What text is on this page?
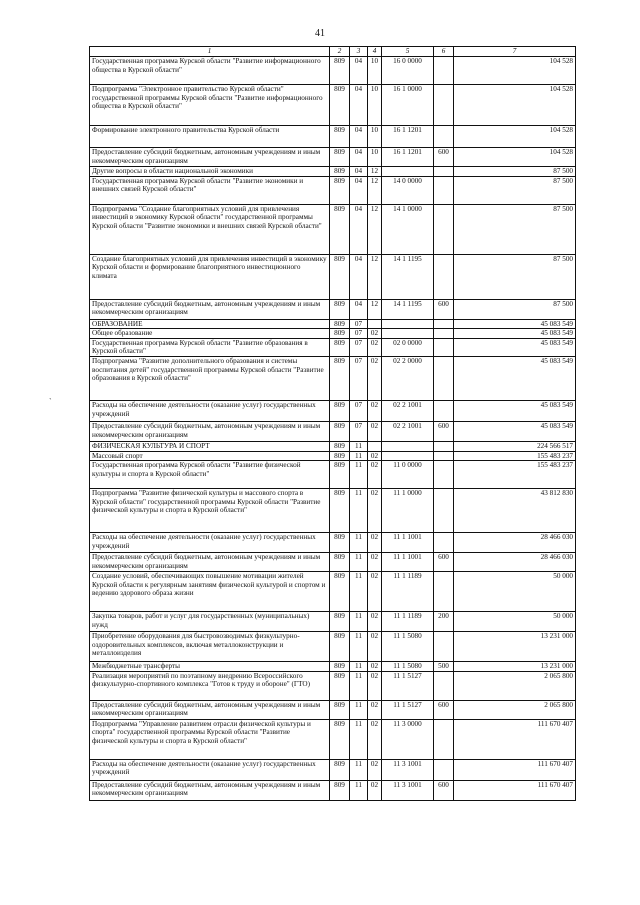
41
`
1	2	3	4	5	6	7
Государственная программа Курской области "Развитие информационного общества в Курской области"	809	04	10	16 0 0000		104 528
Подпрограмма "Электронное правительство Курской области" государственной программы Курской области "Развитие информационного общества в Курской области"	809	04	10	16 1 0000		104 528
Формирование электронного правительства Курской области	809	04	10	16 1 1201		104 528
Предоставление субсидий бюджетным, автономным учреждениям и иным некоммерческим организациям	809	04	10	16 1 1201	600	104 528
Другие вопросы в области национальной экономики	809	04	12			87 500
Государственная программа Курской области "Развитие экономики и внешних связей Курской области"	809	04	12	14 0 0000		87 500
Подпрограмма "Создание благоприятных условий для привлечения инвестиций в экономику Курской области" государственной программы Курской области "Развитие экономики и внешних связей Курской области"	809	04	12	14 1 0000		87 500
Создание благоприятных условий для привлечения инвестиций в экономику Курской области и формирование благоприятного инвестиционного климата	809	04	12	14 1 1195		87 500
Предоставление субсидий бюджетным, автономным учреждениям и иным некоммерческим организациям	809	04	12	14 1 1195	600	87 500
ОБРАЗОВАНИЕ	809	07				45 083 549
Общее образование	809	07	02			45 083 549
Государственная программа Курской области "Развитие образования в Курской области"	809	07	02	02 0 0000		45 083 549
Подпрограмма "Развитие дополнительного образования и системы воспитания детей" государственной программы Курской области "Развитие образования в Курской области"	809	07	02	02 2 0000		45 083 549
Расходы на обеспечение деятельности (оказание услуг) государственных учреждений	809	07	02	02 2 1001		45 083 549
Предоставление субсидий бюджетным, автономным учреждениям и иным некоммерческим организациям	809	07	02	02 2 1001	600	45 083 549
ФИЗИЧЕСКАЯ КУЛЬТУРА И СПОРТ	809	11				224 566 517
Массовый спорт	809	11	02			155 483 237
Государственная программа Курской области "Развитие физической культуры и спорта в Курской области"	809	11	02	11 0 0000		155 483 237
Подпрограмма "Развитие физической культуры и массового спорта в Курской области" государственной программы Курской области "Развитие физической культуры и спорта в Курской области"	809	11	02	11 1 0000		43 812 830
Расходы на обеспечение деятельности (оказание услуг) государственных учреждений	809	11	02	11 1 1001		28 466 030
Предоставление субсидий бюджетным, автономным учреждениям и иным некоммерческим организациям	809	11	02	11 1 1001	600	28 466 030
Создание условий, обеспечивающих повышение мотивации жителей Курской области к регулярным занятиям физической культурой и спортом и ведению здорового образа жизни	809	11	02	11 1 1189		50 000
Закупка товаров, работ и услуг для государственных (муниципальных) нужд	809	11	02	11 1 1189	200	50 000
Приобретение оборудования для быстровозводимых физкультурно-оздоровительных комплексов, включая металлоконструкции и металлоизделия	809	11	02	11 1 5080		13 231 000
Межбюджетные трансферты	809	11	02	11 1 5080	500	13 231 000
Реализация мероприятий по поэтапному внедрению Всероссийского физкультурно-спортивного комплекса "Готов к труду и обороне" (ГТО)	809	11	02	11 1 5127		2 065 800
Предоставление субсидий бюджетным, автономным учреждениям и иным некоммерческим организациям	809	11	02	11 1 5127	600	2 065 800
Подпрограмма "Управление развитием отрасли физической культуры и спорта" государственной программы Курской области "Развитие физической культуры и спорта в Курской области"	809	11	02	11 3 0000		111 670 407
Расходы на обеспечение деятельности (оказание услуг) государственных учреждений	809	11	02	11 3 1001		111 670 407
Предоставление субсидий бюджетным, автономным учреждениям и иным некоммерческим организациям	809	11	02	11 3 1001	600	111 670 407
